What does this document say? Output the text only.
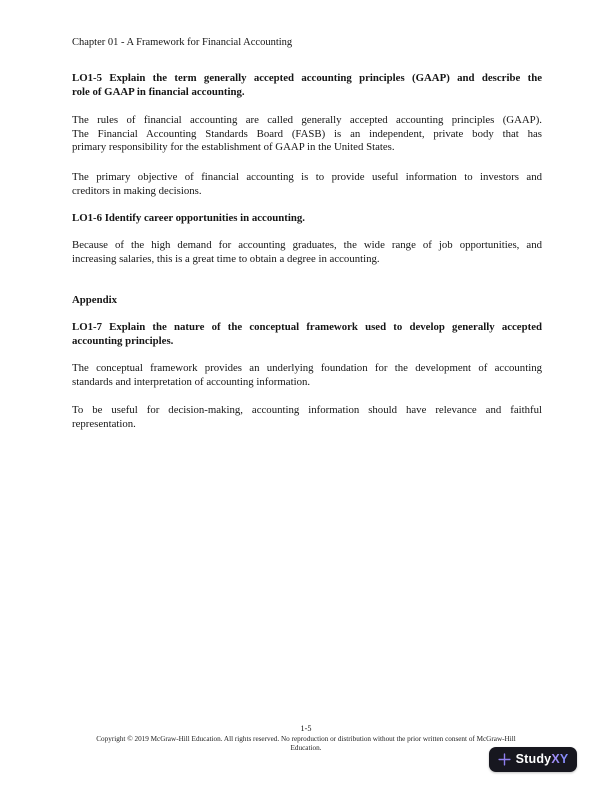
Chapter 01 - A Framework for Financial Accounting
LO1-5 Explain the term generally accepted accounting principles (GAAP) and describe the
role of GAAP in financial accounting.
The rules of financial accounting are called generally accepted accounting principles (GAAP).
The Financial Accounting Standards Board (FASB) is an independent, private body that has
primary responsibility for the establishment of GAAP in the United States.
The primary objective of financial accounting is to provide useful information to investors and
creditors in making decisions.
LO1-6 Identify career opportunities in accounting.
Because of the high demand for accounting graduates, the wide range of job opportunities, and
increasing salaries, this is a great time to obtain a degree in accounting.
Appendix
LO1-7 Explain the nature of the conceptual framework used to develop generally accepted
accounting principles.
The conceptual framework provides an underlying foundation for the development of accounting
standards and interpretation of accounting information.
To be useful for decision-making, accounting information should have relevance and faithful
representation.
1-5
Copyright © 2019 McGraw-Hill Education. All rights reserved. No reproduction or distribution without the prior written consent of McGraw-Hill
Education.
StudyXY
